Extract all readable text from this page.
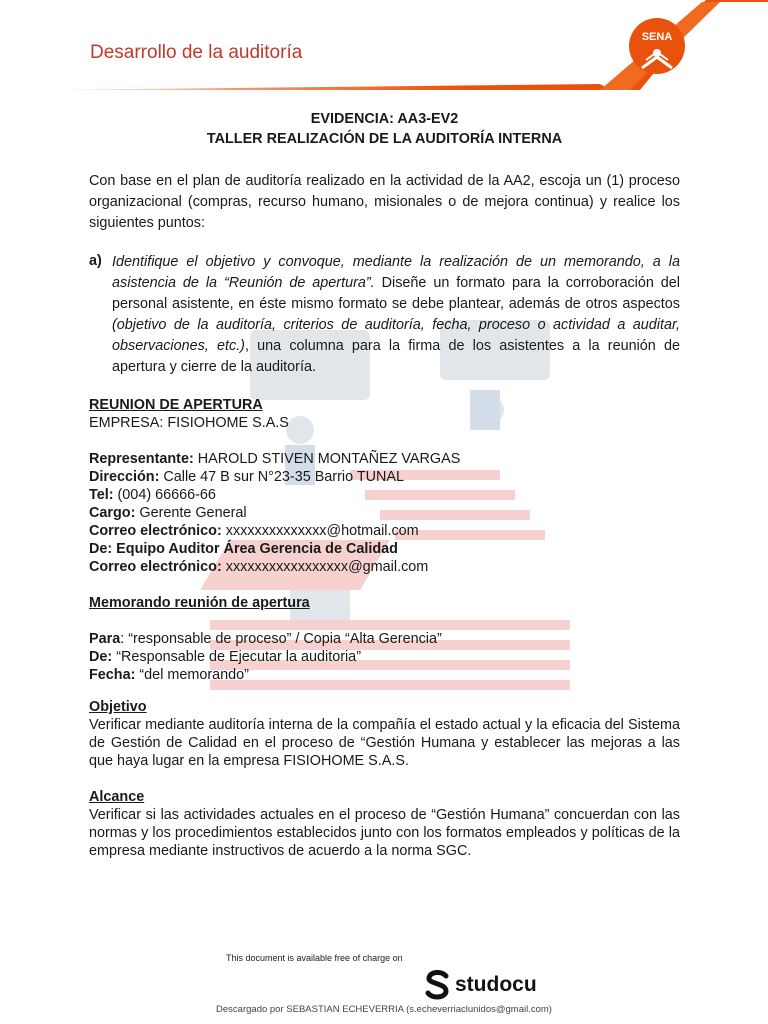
Desarrollo de la auditoría
SENA

EVIDENCIA: AA3-EV2

TALLER REALIZACIÓN DE LA AUDITORÍA INTERNA

Con base en el plan de auditoría realizado en la actividad de la AA2, escoja un (1) proceso organizacional (compras, recurso humano, misionales o de mejora continua) y realice los siguientes puntos:

a) Identifique el objetivo y convoque, mediante la realización de un memorando, a la asistencia de la “Reunión de apertura”. Diseñe un formato para la corroboración del personal asistente, en éste mismo formato se debe plantear, además de otros aspectos (objetivo de la auditoría, criterios de auditoría, fecha, proceso o actividad a auditar, observaciones, etc.), una columna para la firma de los asistentes a la reunión de apertura y cierre de la auditoría.

REUNION DE APERTURA

EMPRESA: FISIOHOME S.A.S

Representante: HAROLD STIVEN MONTAÑEZ VARGAS

Dirección: Calle 47 B sur N°23-35 Barrio TUNAL

Tel: (004) 66666-66

Cargo: Gerente General

Correo electrónico: xxxxxxxxxxxxxx@hotmail.com

De: Equipo Auditor Área Gerencia de Calidad

Correo electrónico: xxxxxxxxxxxxxxxxx@gmail.com

Memorando reunión de apertura

Para: “responsable de proceso” / Copia “Alta Gerencia”

De: “Responsable de Ejecutar la auditoria”

Fecha: “del memorando”

Objetivo

Verificar mediante auditoría interna de la compañía el estado actual y la eficacia del Sistema de Gestión de Calidad en el proceso de “Gestión Humana y establecer las mejoras a las que haya lugar en la empresa FISIOHOME S.A.S.

Alcance

Verificar si las actividades actuales en el proceso de “Gestión Humana” concuerdan con las normas y los procedimientos establecidos junto con los formatos empleados y políticas de la empresa mediante instructivos de acuerdo a la norma SGC.

This document is available free of charge on
studocu
Descargado por SEBASTIAN ECHEVERRIA (s.echeverriaclunidos@gmail.com)
